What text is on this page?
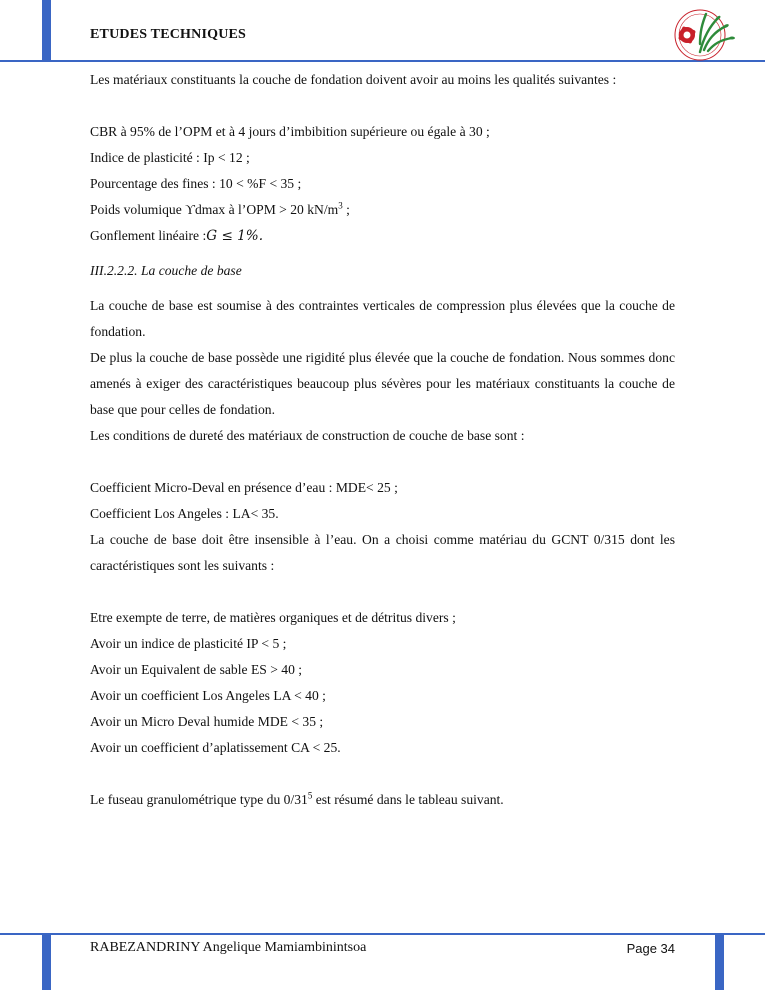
ETUDES TECHNIQUES

Les matériaux constituants la couche de fondation doivent avoir au moins les qualités suivantes :

CBR à 95% de l’OPM et à 4 jours d’imbibition supérieure ou égale à 30 ;

Indice de plasticité : Ip < 12 ;

Pourcentage des fines : 10 < %F < 35 ;

Poids volumique ϒdmax à l’OPM > 20 $kN/m^3$ ;

Gonflement linéaire :G ≤ 1%.

III.2.2.2. La couche de base

La couche de base est soumise à des contraintes verticales de compression plus élevées que la couche de fondation.

De plus la couche de base possède une rigidité plus élevée que la couche de fondation. Nous sommes donc amenés à exiger des caractéristiques beaucoup plus sévères pour les matériaux constituants la couche de base que pour celles de fondation.

Les conditions de dureté des matériaux de construction de couche de base sont :

Coefficient Micro-Deval en présence d’eau : MDE< 25 ;

Coefficient Los Angeles : LA< 35.

La couche de base doit être insensible à l’eau. On a choisi comme matériau du GCNT 0/315 dont les caractéristiques sont les suivants :

Etre exempte de terre, de matières organiques et de détritus divers ;

Avoir un indice de plasticité IP < 5 ;

Avoir un Equivalent de sable ES > 40 ;

Avoir un coefficient Los Angeles LA < 40 ;

Avoir un Micro Deval humide MDE < 35 ;

Avoir un coefficient d’aplatissement CA < 25.

Le fuseau granulométrique type du $0/31^5$ est résumé dans le tableau suivant.

RABEZANDRINY Angelique Mamiambinintsoa	Page 34
